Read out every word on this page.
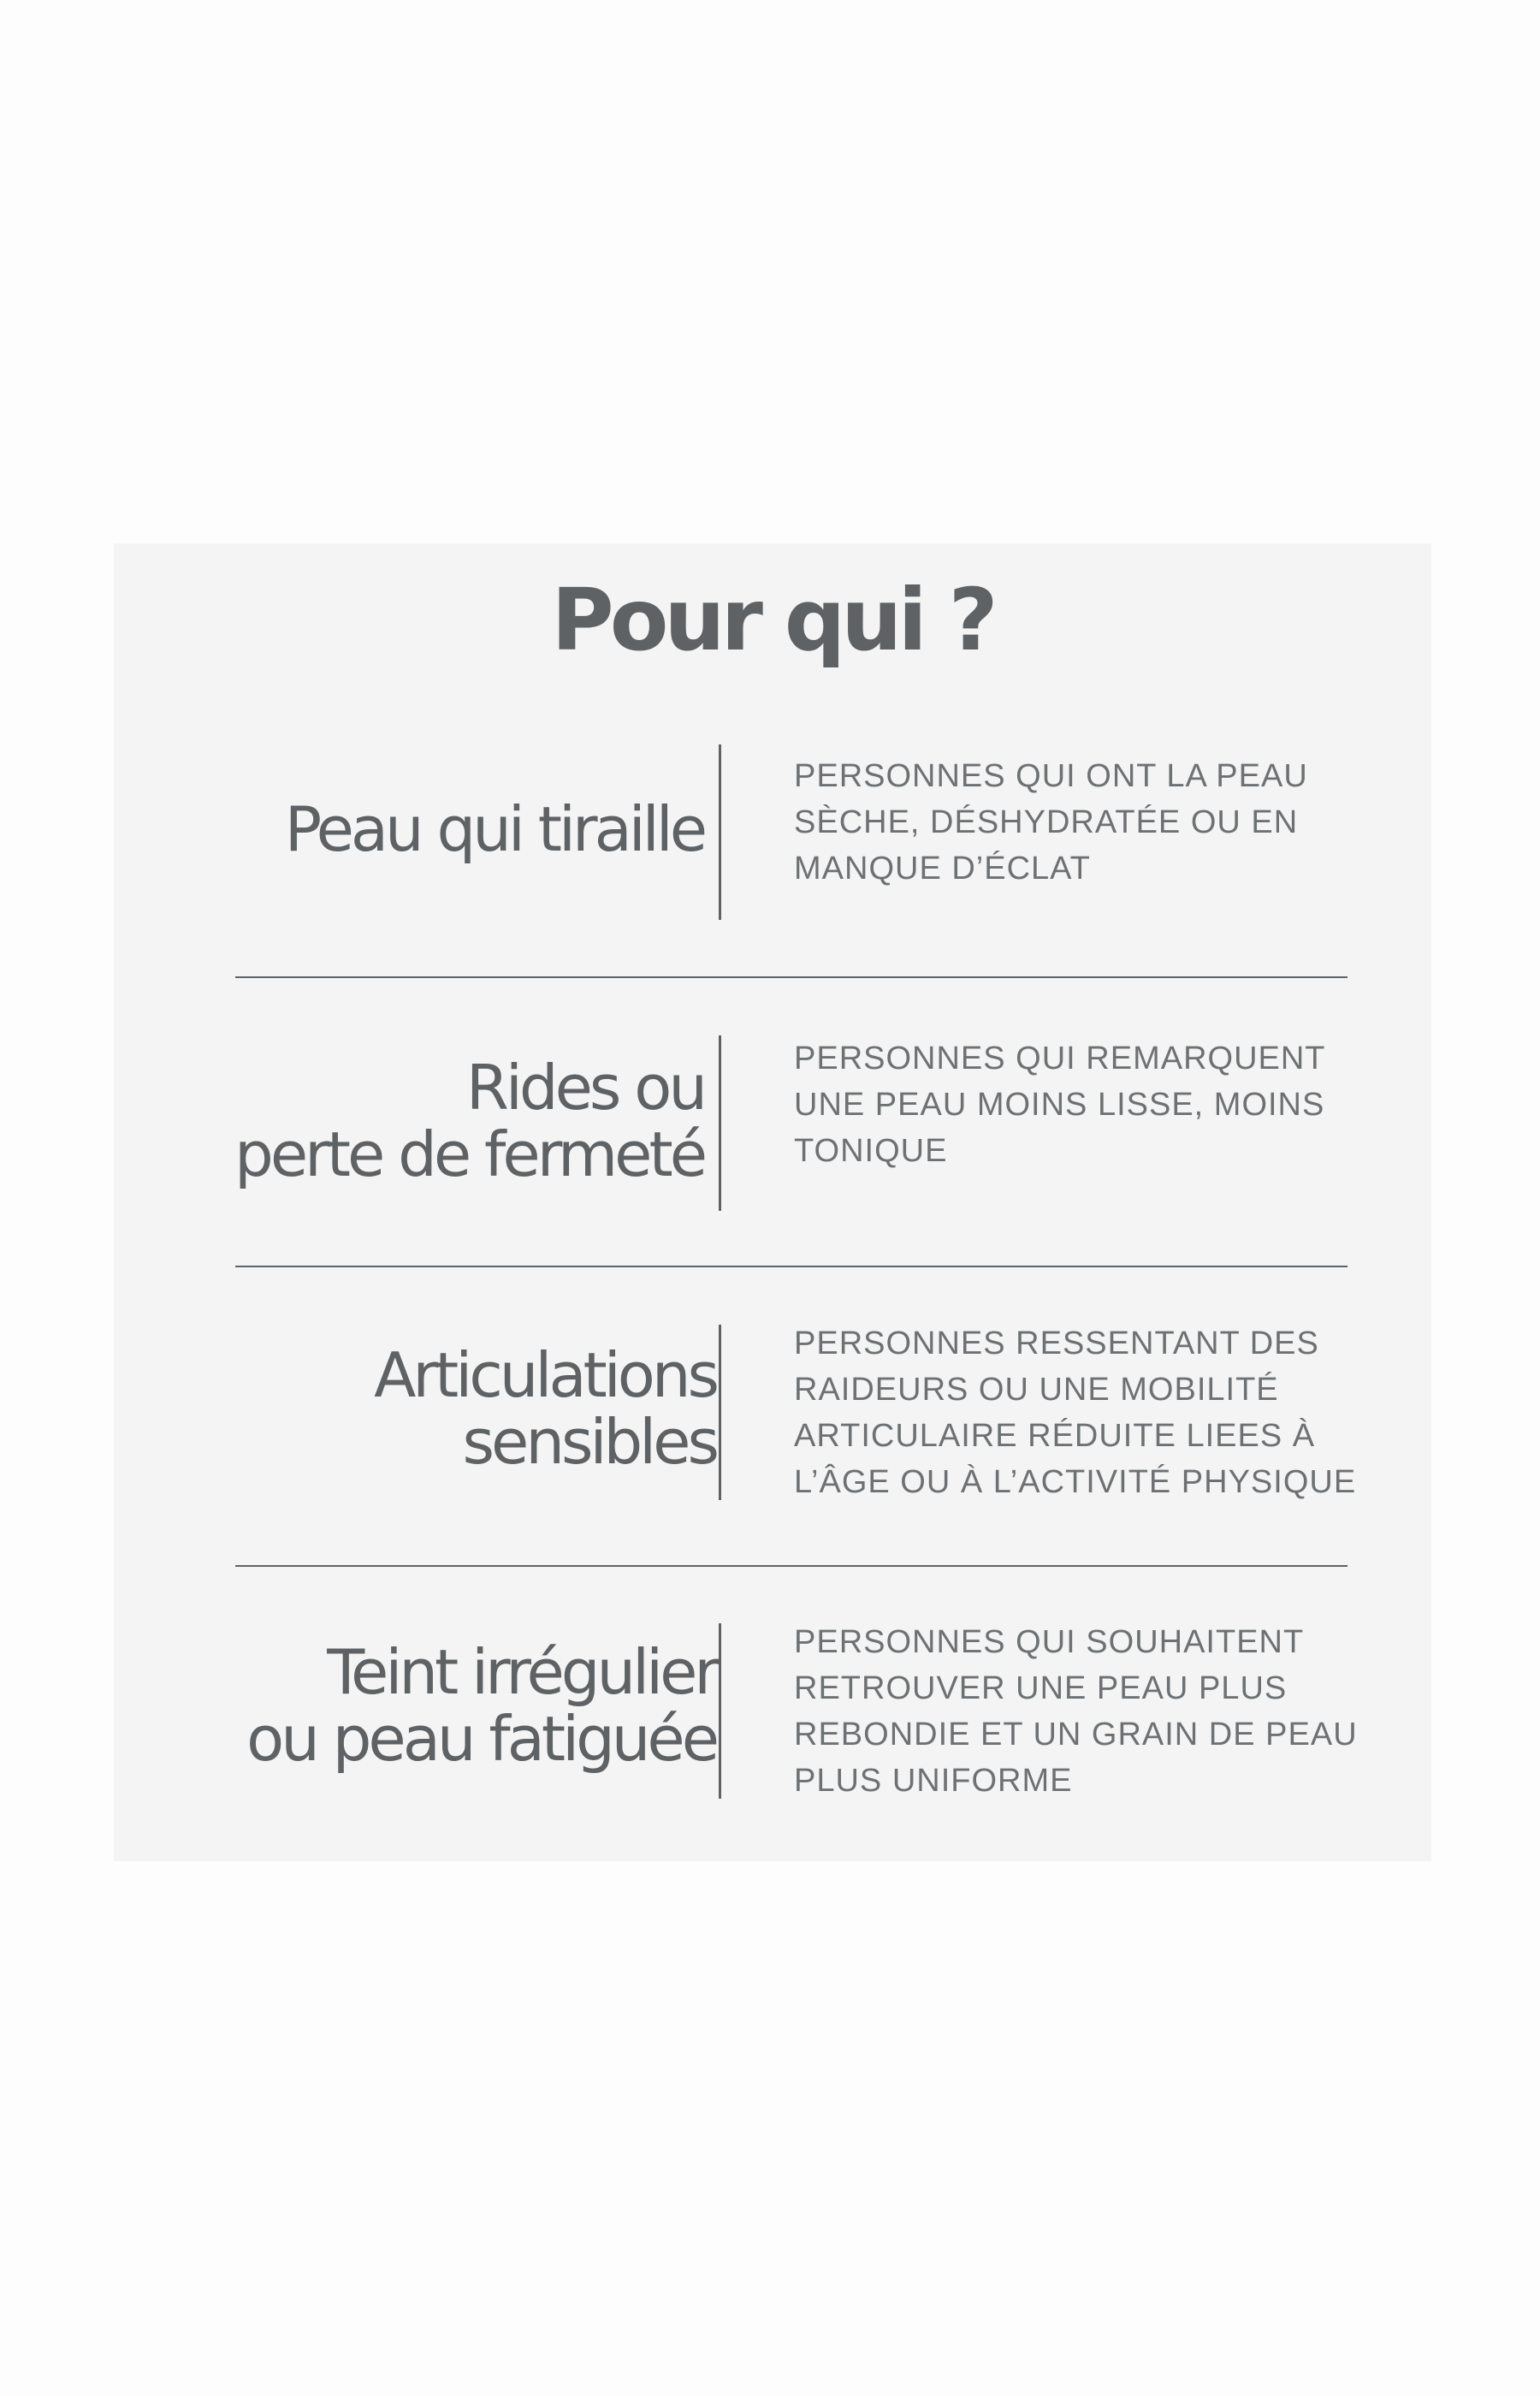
Pour qui ?
Peau qui tiraille
PERSONNES QUI ONT LA PEAU
SÈCHE, DÉSHYDRATÉE OU EN
MANQUE D’ÉCLAT
Rides ou
perte de fermeté
PERSONNES QUI REMARQUENT
UNE PEAU MOINS LISSE, MOINS
TONIQUE
Articulations
sensibles
PERSONNES RESSENTANT DES
RAIDEURS OU UNE MOBILITÉ
ARTICULAIRE RÉDUITE LIEES À
L’ÂGE OU À L’ACTIVITÉ PHYSIQUE
Teint irrégulier
ou peau fatiguée
PERSONNES QUI SOUHAITENT
RETROUVER UNE PEAU PLUS
REBONDIE ET UN GRAIN DE PEAU
PLUS UNIFORME
